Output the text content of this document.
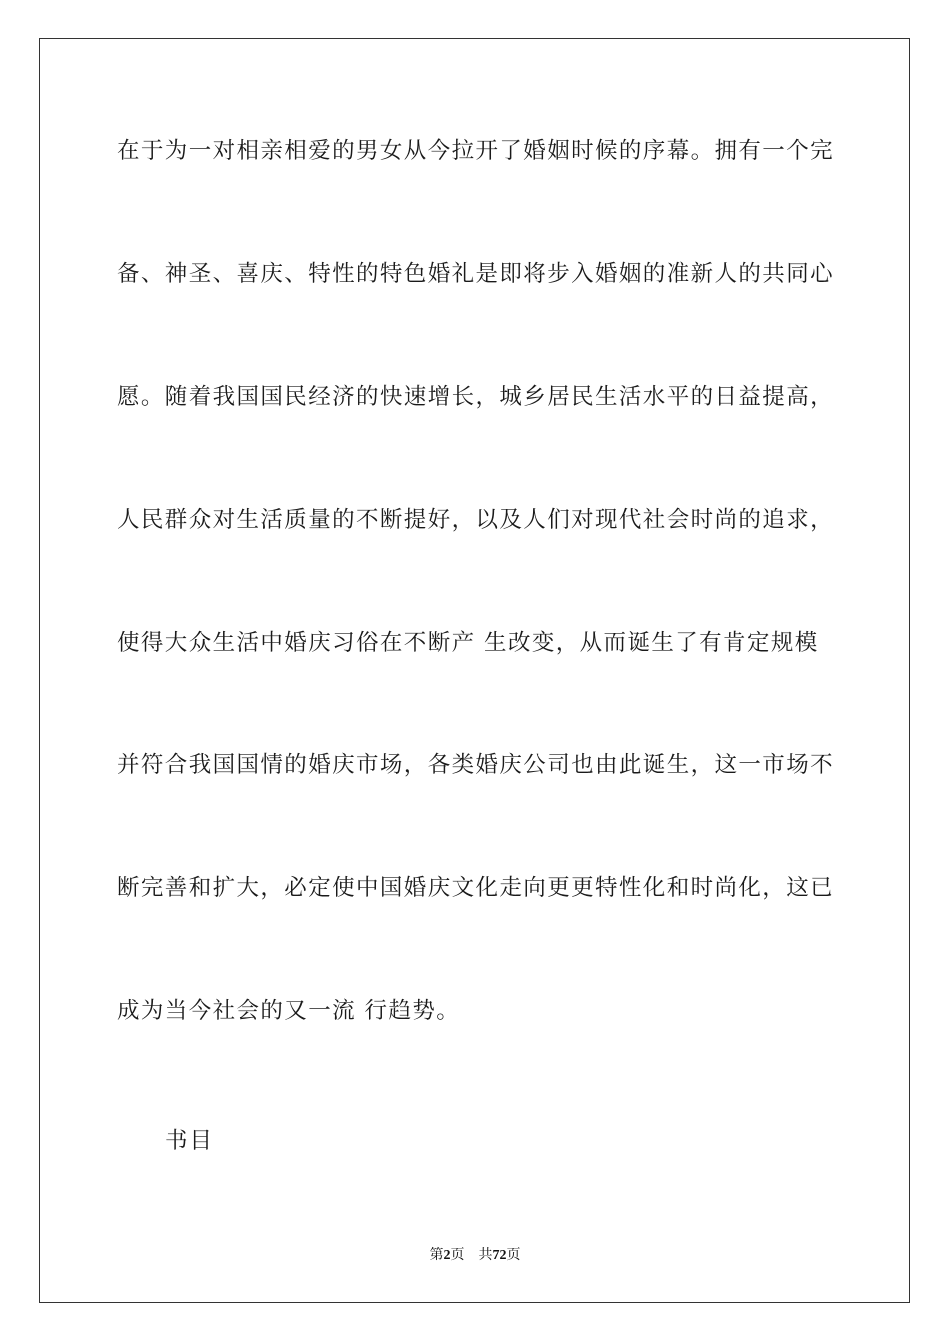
在于为一对相亲相爱的男女从今拉开了婚姻时候的序幕。拥有一个完
备、神圣、喜庆、特性的特色婚礼是即将步入婚姻的准新人的共同心
愿。随着我国国民经济的快速增长，城乡居民生活水平的日益提高，
人民群众对生活质量的不断提好，以及人们对现代社会时尚的追求，
使得大众生活中婚庆习俗在不断产 生改变，从而诞生了有肯定规模
并符合我国国情的婚庆市场，各类婚庆公司也由此诞生，这一市场不
断完善和扩大，必定使中国婚庆文化走向更更特性化和时尚化，这已
成为当今社会的又一流 行趋势。
书目
第2页 共72页
